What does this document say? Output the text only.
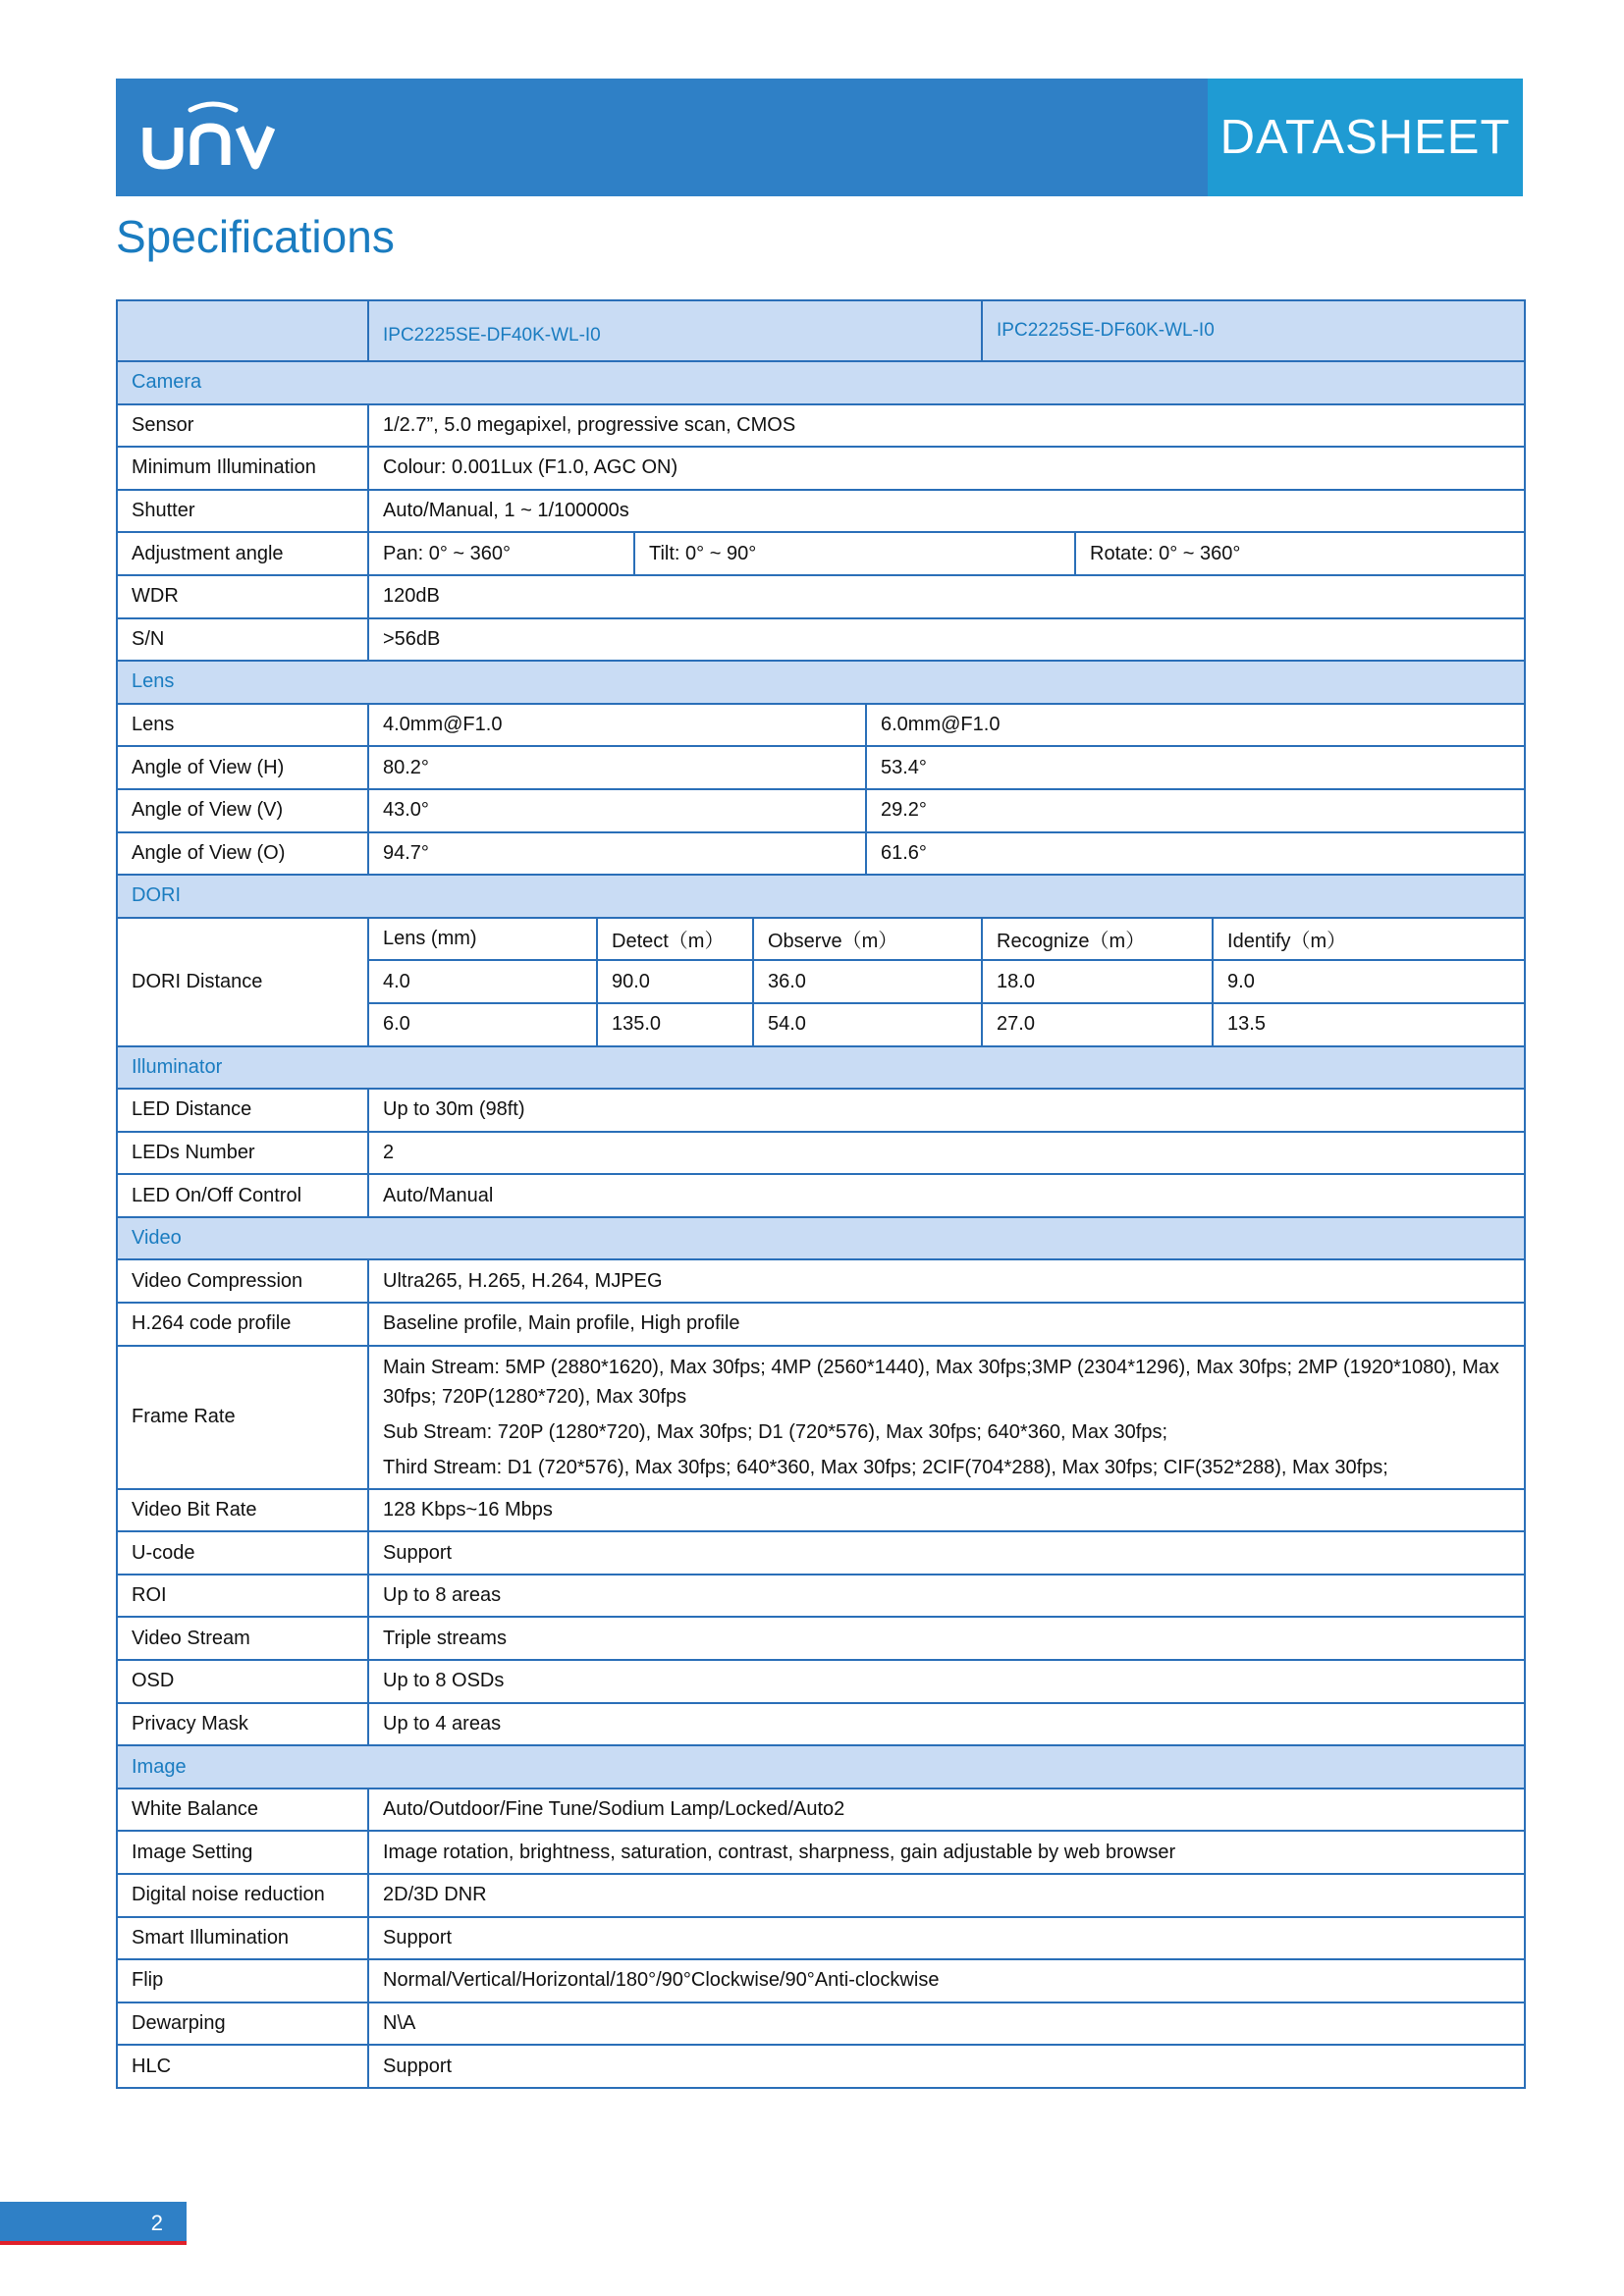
DATASHEET
Specifications
	IPC2225SE-DF40K-WL-I0					IPC2225SE-DF60K-WL-I0		
Camera								
Sensor	1/2.7”, 5.0 megapixel, progressive scan, CMOS							
Minimum Illumination	Colour: 0.001Lux (F1.0, AGC ON)							
Shutter	Auto/Manual, 1 ~ 1/100000s							
Adjustment angle	Pan: 0° ~ 360°		Tilt: 0° ~ 90°				Rotate: 0° ~ 360°	
WDR	120dB							
S/N	>56dB							
Lens								
Lens	4.0mm@F1.0				6.0mm@F1.0			
Angle of View (H)	80.2°				53.4°			
Angle of View (V)	43.0°				29.2°			
Angle of View (O)	94.7°				61.6°			
DORI								
DORI Distance	Lens (mm)	Detect（m）		Observe（m）		Recognize（m）		Identify（m）
	4.0	90.0		36.0		18.0		9.0
	6.0	135.0		54.0		27.0		13.5
Illuminator								
LED Distance	Up to 30m (98ft)							
LEDs Number	2							
LED On/Off Control	Auto/Manual							
Video								
Video Compression	Ultra265, H.265, H.264, MJPEG							
H.264 code profile	Baseline profile, Main profile, High profile							
Frame Rate	Main Stream: 5MP (2880*1620), Max 30fps; 4MP (2560*1440), Max 30fps;3MP (2304*1296), Max 30fps; 2MP (1920*1080), Max 30fps; 720P(1280*720), Max 30fps
Sub Stream: 720P (1280*720), Max 30fps; D1 (720*576), Max 30fps; 640*360, Max 30fps;
Third Stream: D1 (720*576), Max 30fps; 640*360, Max 30fps; 2CIF(704*288), Max 30fps; CIF(352*288), Max 30fps;							

Video Bit Rate	128 Kbps~16 Mbps							
U-code	Support							
ROI	Up to 8 areas							
Video Stream	Triple streams							
OSD	Up to 8 OSDs							
Privacy Mask	Up to 4 areas							
Image								
White Balance	Auto/Outdoor/Fine Tune/Sodium Lamp/Locked/Auto2							
Image Setting	Image rotation, brightness, saturation, contrast, sharpness, gain adjustable by web browser							
Digital noise reduction	2D/3D DNR							
Smart Illumination	Support							
Flip	Normal/Vertical/Horizontal/180°/90°Clockwise/90°Anti-clockwise							
Dewarping	N\A							
HLC	Support							
2
